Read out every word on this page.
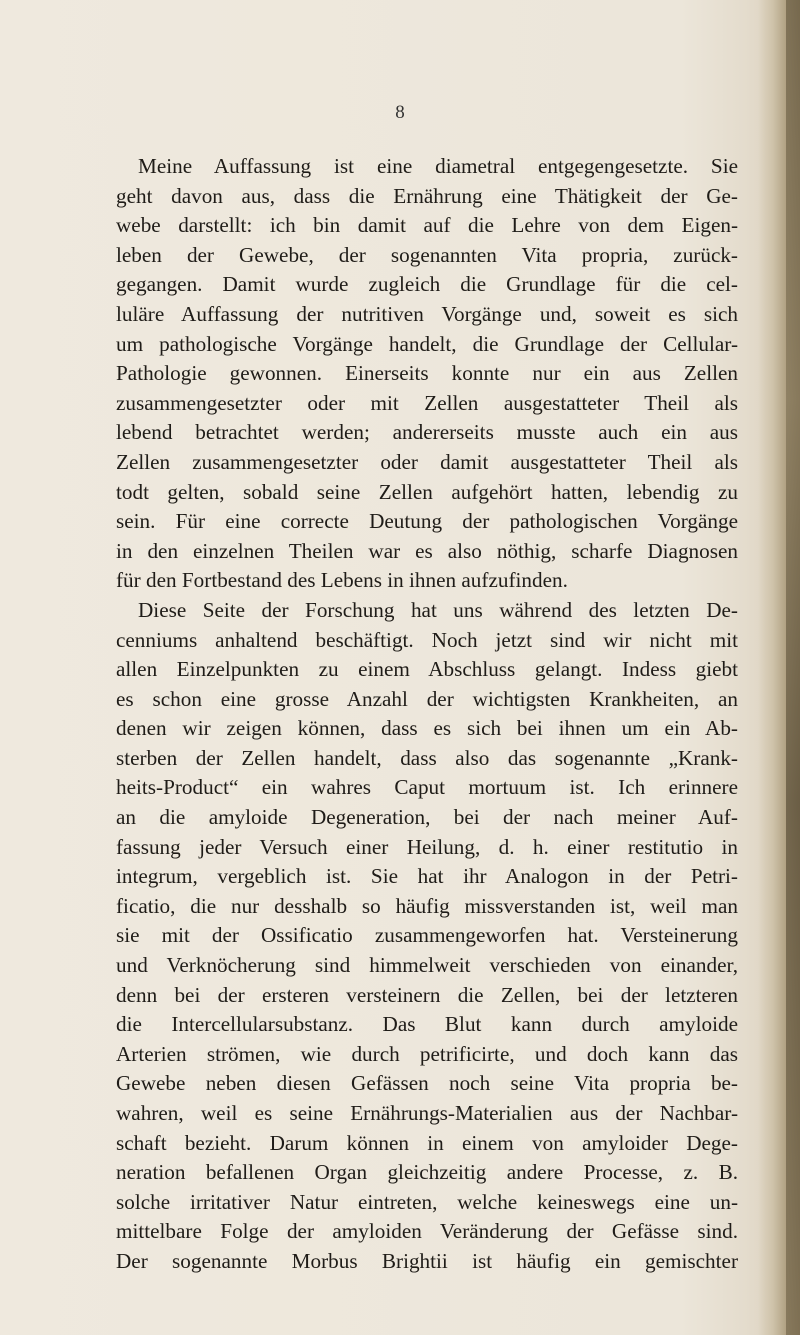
8
Meine Auffassung ist eine diametral entgegengesetzte. Sie
geht davon aus, dass die Ernährung eine Thätigkeit der Ge-
webe darstellt: ich bin damit auf die Lehre von dem Eigen-
leben der Gewebe, der sogenannten Vita propria, zurück-
gegangen. Damit wurde zugleich die Grundlage für die cel-
luläre Auffassung der nutritiven Vorgänge und, soweit es sich
um pathologische Vorgänge handelt, die Grundlage der Cellular-
Pathologie gewonnen. Einerseits konnte nur ein aus Zellen
zusammengesetzter oder mit Zellen ausgestatteter Theil als
lebend betrachtet werden; andererseits musste auch ein aus
Zellen zusammengesetzter oder damit ausgestatteter Theil als
todt gelten, sobald seine Zellen aufgehört hatten, lebendig zu
sein. Für eine correcte Deutung der pathologischen Vorgänge
in den einzelnen Theilen war es also nöthig, scharfe Diagnosen
für den Fortbestand des Lebens in ihnen aufzufinden.
Diese Seite der Forschung hat uns während des letzten De-
cenniums anhaltend beschäftigt. Noch jetzt sind wir nicht mit
allen Einzelpunkten zu einem Abschluss gelangt. Indess giebt
es schon eine grosse Anzahl der wichtigsten Krankheiten, an
denen wir zeigen können, dass es sich bei ihnen um ein Ab-
sterben der Zellen handelt, dass also das sogenannte „Krank-
heits-Product“ ein wahres Caput mortuum ist. Ich erinnere
an die amyloide Degeneration, bei der nach meiner Auf-
fassung jeder Versuch einer Heilung, d. h. einer restitutio in
integrum, vergeblich ist. Sie hat ihr Analogon in der Petri-
ficatio, die nur desshalb so häufig missverstanden ist, weil man
sie mit der Ossificatio zusammengeworfen hat. Versteinerung
und Verknöcherung sind himmelweit verschieden von einander,
denn bei der ersteren versteinern die Zellen, bei der letzteren
die Intercellularsubstanz. Das Blut kann durch amyloide
Arterien strömen, wie durch petrificirte, und doch kann das
Gewebe neben diesen Gefässen noch seine Vita propria be-
wahren, weil es seine Ernährungs-Materialien aus der Nachbar-
schaft bezieht. Darum können in einem von amyloider Dege-
neration befallenen Organ gleichzeitig andere Processe, z. B.
solche irritativer Natur eintreten, welche keineswegs eine un-
mittelbare Folge der amyloiden Veränderung der Gefässe sind.
Der sogenannte Morbus Brightii ist häufig ein gemischter
